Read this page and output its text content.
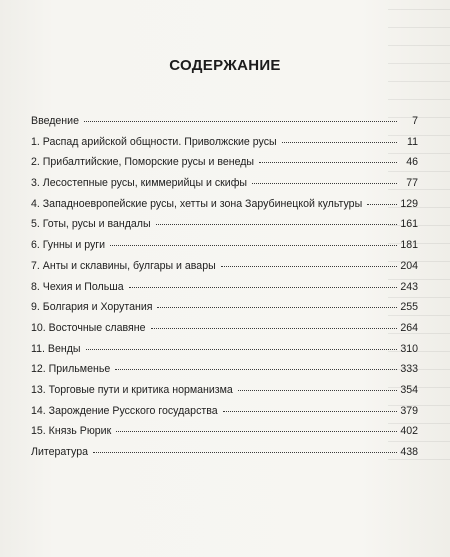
СОДЕРЖАНИЕ
Введение	7
1. Распад арийской общности. Приволжские русы	11
2. Прибалтийские, Поморские русы и венеды	46
3. Лесостепные русы, киммерийцы и скифы	77
4. Западноевропейские русы, хетты и зона Зарубинецкой культуры	129
5. Готы, русы и вандалы	161
6. Гунны и руги	181
7. Анты и склавины, булгары и авары	204
8. Чехия и Польша	243
9. Болгария и Хорутания	255
10. Восточные славяне	264
11. Венды	310
12. Прильменье	333
13. Торговые пути и критика норманизма	354
14. Зарождение Русского государства	379
15. Князь Рюрик	402
Литература	438
